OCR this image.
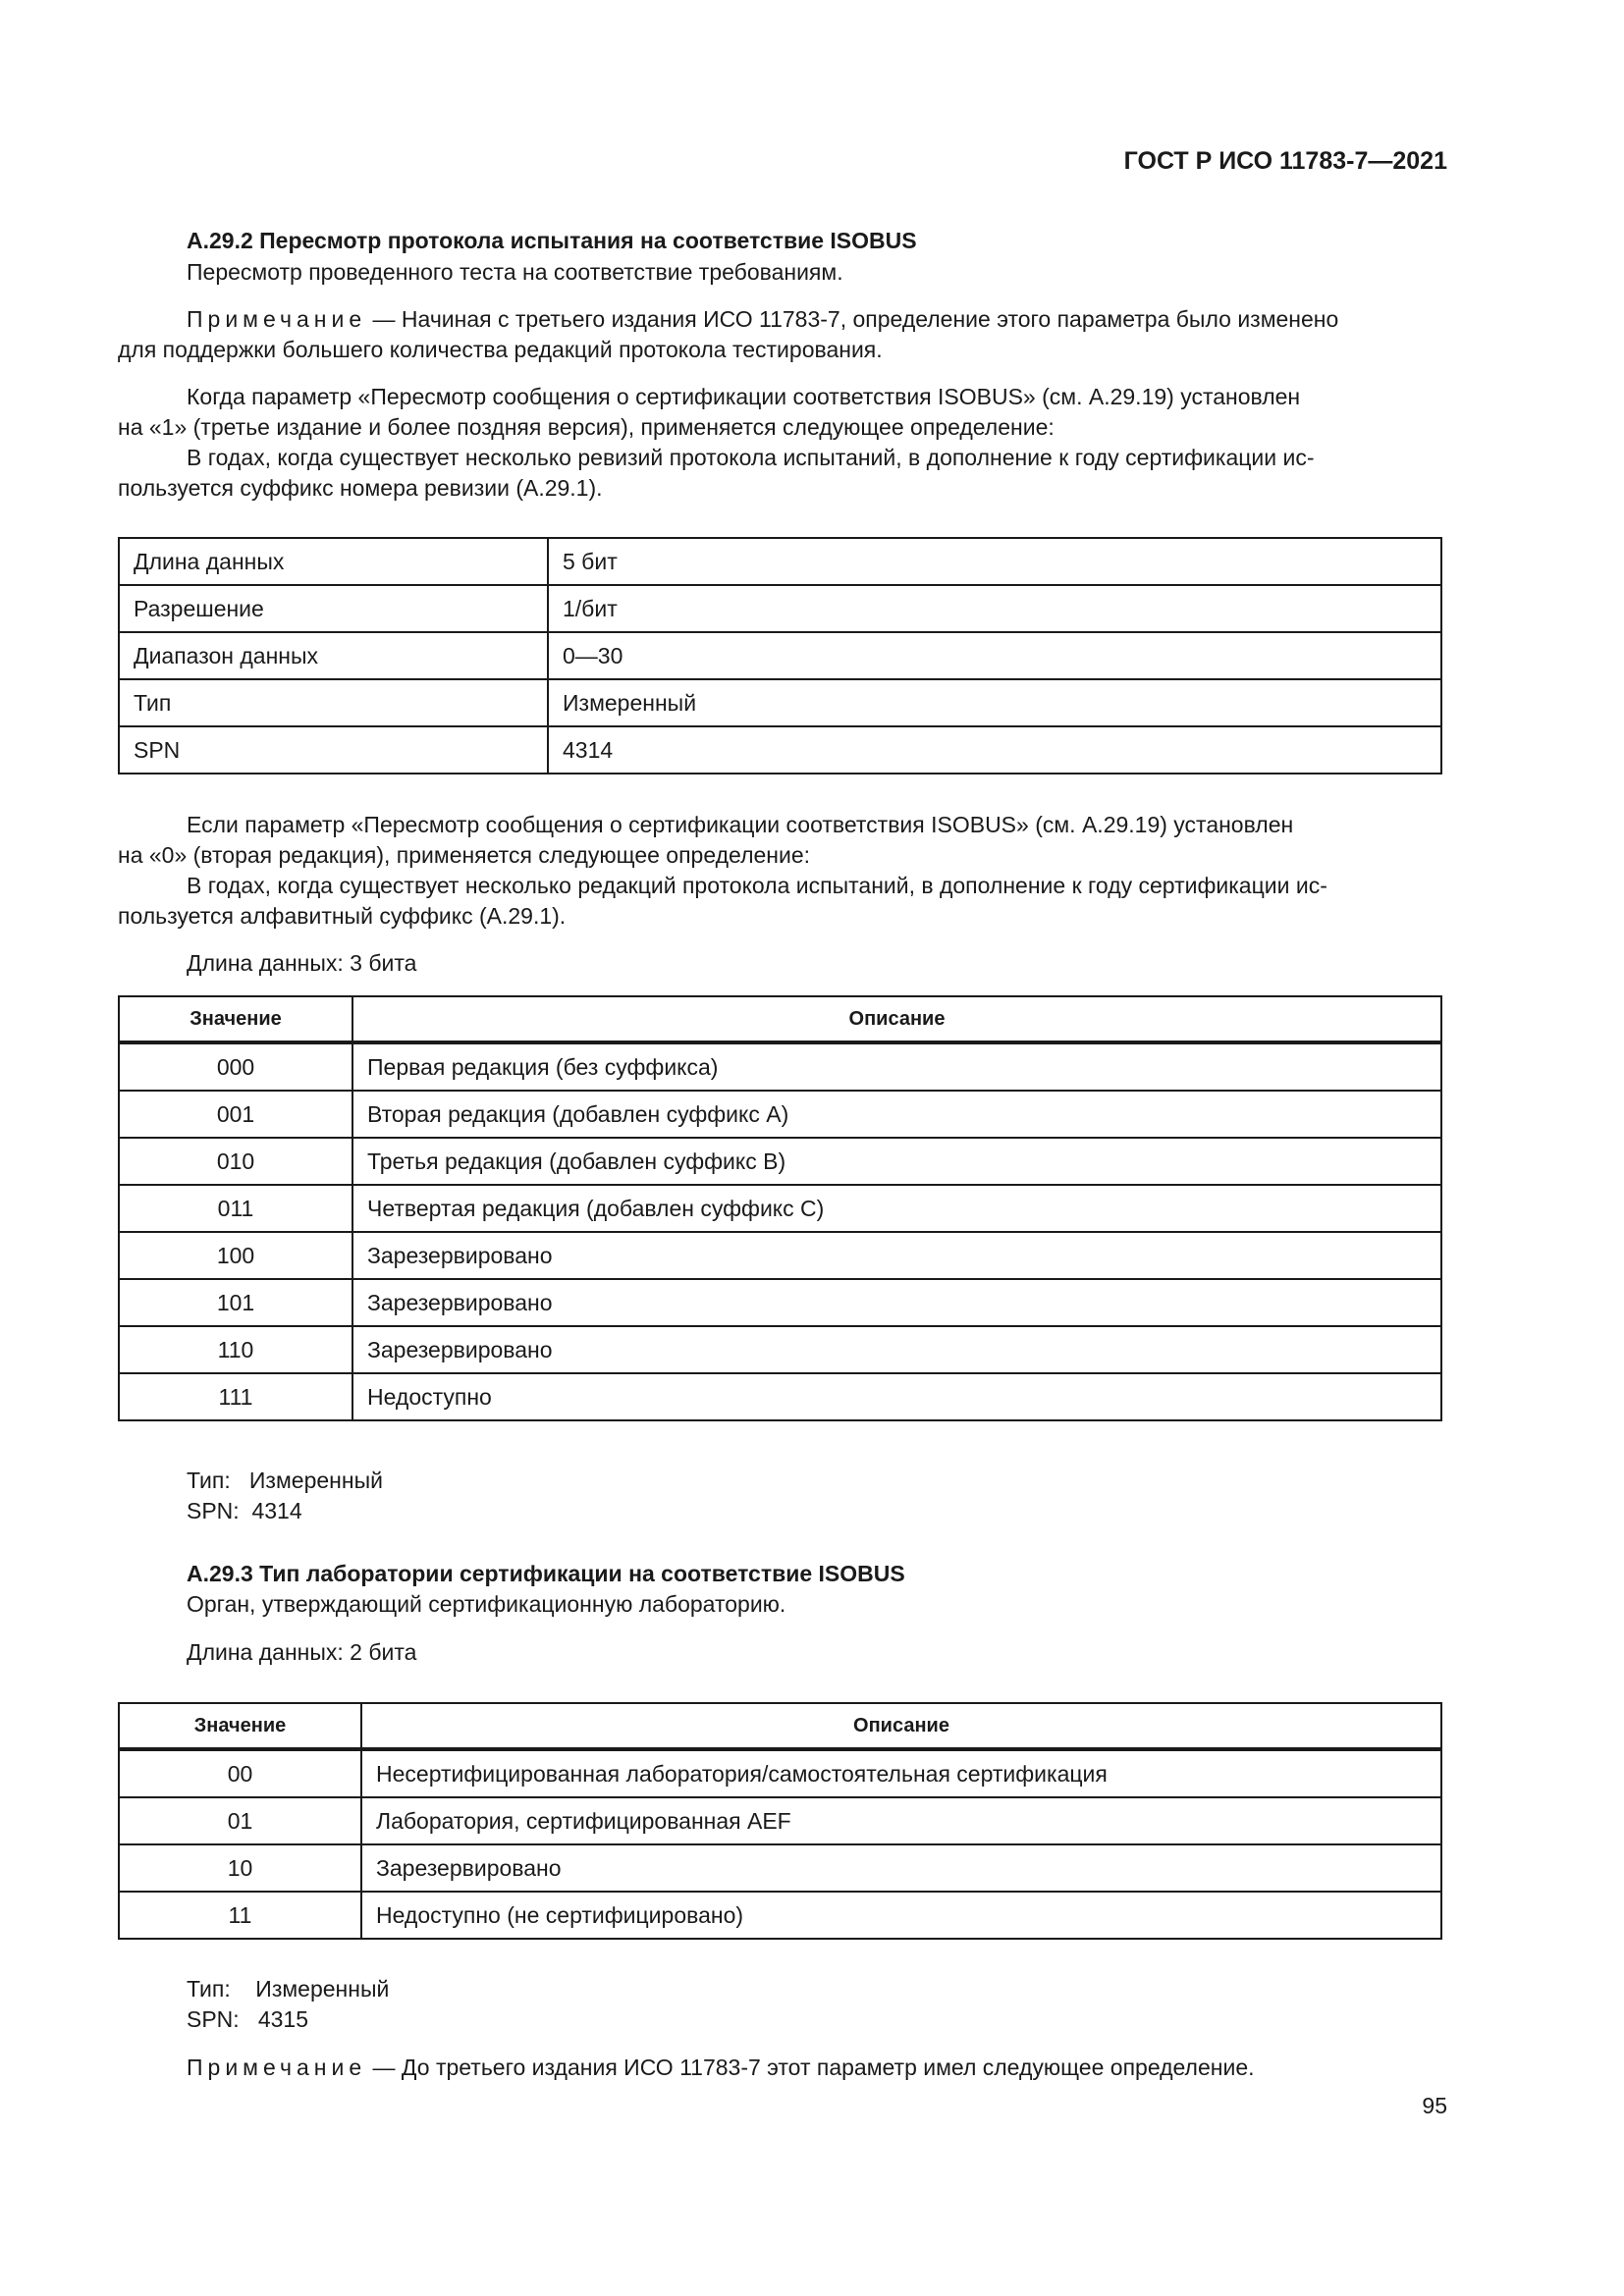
ГОСТ Р ИСО 11783-7—2021
A.29.2 Пересмотр протокола испытания на соответствие ISOBUS
Пересмотр проведенного теста на соответствие требованиям.
Примечание — Начиная с третьего издания ИСО 11783-7, определение этого параметра было изменено
для поддержки большего количества редакций протокола тестирования.
Когда параметр «Пересмотр сообщения о сертификации соответствия ISOBUS» (см. A.29.19) установлен
на «1» (третье издание и более поздняя версия), применяется следующее определение:
В годах, когда существует несколько ревизий протокола испытаний, в дополнение к году сертификации ис-
пользуется суффикс номера ревизии (A.29.1).
Длина данных	5 бит
Разрешение	1/бит
Диапазон данных	0—30
Тип	Измеренный
SPN	4314
Если параметр «Пересмотр сообщения о сертификации соответствия ISOBUS» (см. A.29.19) установлен
на «0» (вторая редакция), применяется следующее определение:
В годах, когда существует несколько редакций протокола испытаний, в дополнение к году сертификации ис-
пользуется алфавитный суффикс (A.29.1).
Длина данных: 3 бита
Значение	Описание
000	Первая редакция (без суффикса)
001	Вторая редакция (добавлен суффикс A)
010	Третья редакция (добавлен суффикс B)
011	Четвертая редакция (добавлен суффикс C)
100	Зарезервировано
101	Зарезервировано
110	Зарезервировано
111	Недоступно
Тип:   Измеренный
SPN:  4314
A.29.3 Тип лаборатории сертификации на соответствие ISOBUS
Орган, утверждающий сертификационную лабораторию.
Длина данных: 2 бита
Значение	Описание
00	Несертифицированная лаборатория/самостоятельная сертификация
01	Лаборатория, сертифицированная AEF
10	Зарезервировано
11	Недоступно (не сертифицировано)
Тип:    Измеренный
SPN:   4315
Примечание — До третьего издания ИСО 11783-7 этот параметр имел следующее определение.
95
